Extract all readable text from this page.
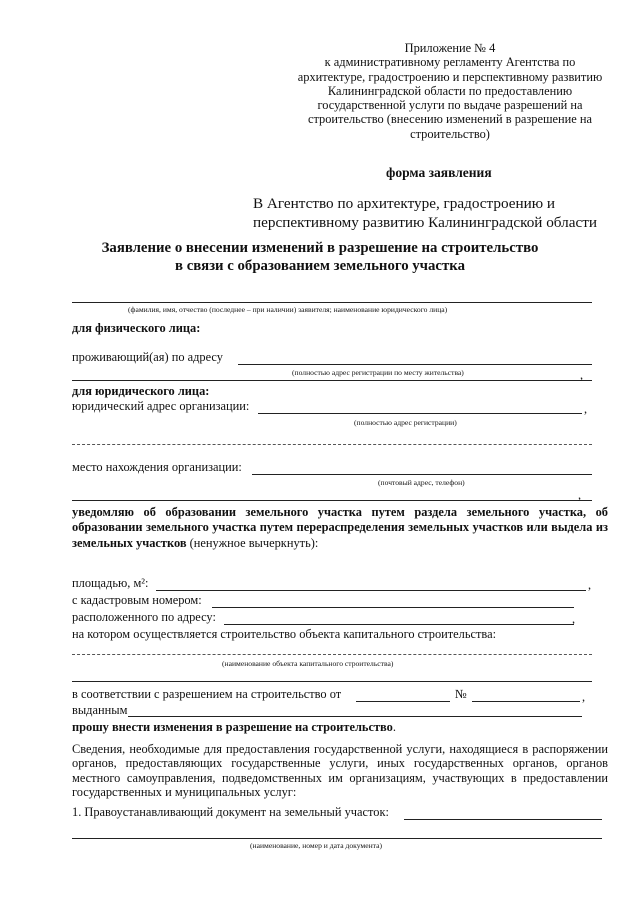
Приложение № 4
к административному регламенту Агентства по
архитектуре, градостроению и перспективному развитию
Калининградской области по предоставлению
государственной услуги по выдаче разрешений на
строительство (внесению изменений в разрешение на
строительство)
форма заявления
В Агентство по архитектуре, градостроению и
перспективному развитию Калининградской области
Заявление о внесении изменений в разрешение на строительство
в связи с образованием земельного участка
(фамилия, имя, отчество (последнее – при наличии) заявителя; наименование юридического лица)
для физического лица:
проживающий(ая) по адресу
(полностью адрес регистрации по месту жительства)	,
для юридического лица:
юридический адрес организации:	,
(полностью адрес регистрации)
место нахождения организации:
(почтовый адрес, телефон)
,
уведомляю об образовании земельного участка путем раздела земельного участка, об образовании земельного участка путем перераспределения земельных участков или выдела из земельных участков (ненужное вычеркнуть):
площадью, м²:	,
с кадастровым номером:
расположенного по адресу:	,
на котором осуществляется строительство объекта капитального строительства:
(наименование объекта капитального строительства)
в соответствии с разрешением на строительство от	№	,
выданным
прошу внести изменения в разрешение на строительство.
Сведения, необходимые для предоставления государственной услуги, находящиеся в распоряжении органов, предоставляющих государственные услуги, иных государственных органов, органов местного самоуправления, подведомственных им организациям, участвующих в предоставлении государственных и муниципальных услуг:
1. Правоустанавливающий документ на земельный участок:
(наименование, номер и дата документа)
